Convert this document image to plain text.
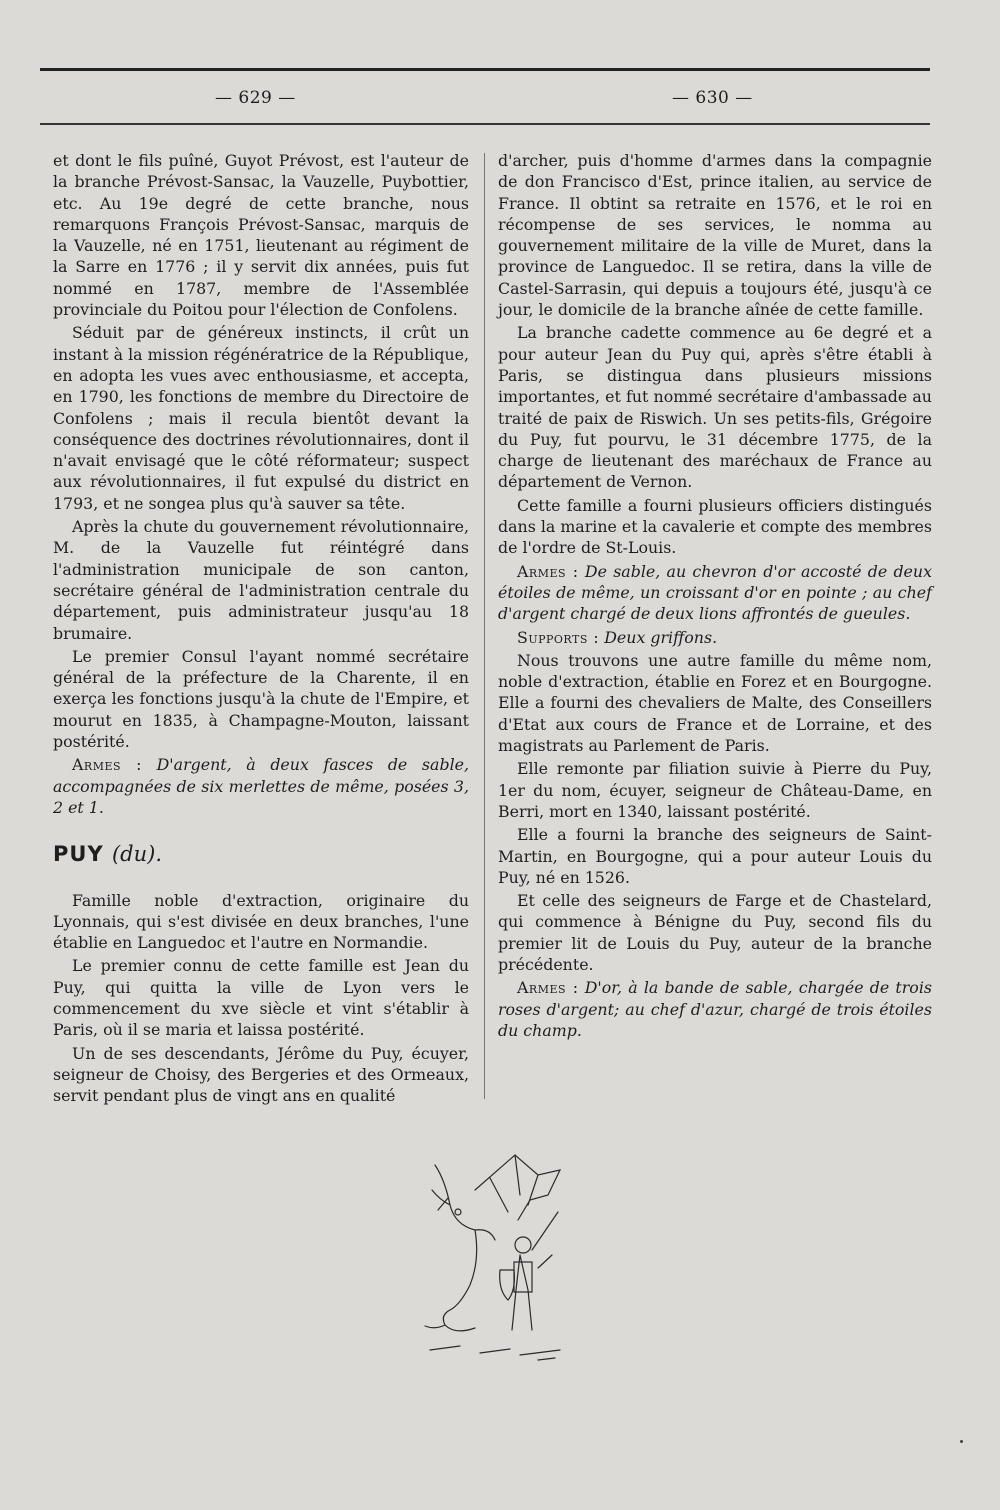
— 629 —	— 630 —

et dont le fils puîné, Guyot Prévost, est l'auteur de la branche Prévost-Sansac, la Vauzelle, Puybottier, etc. Au 19e degré de cette branche, nous remarquons François Prévost-Sansac, marquis de la Vauzelle, né en 1751, lieutenant au régiment de la Sarre en 1776 ; il y servit dix années, puis fut nommé en 1787, membre de l'Assemblée provinciale du Poitou pour l'élection de Confolens.

Séduit par de généreux instincts, il crût un instant à la mission régénératrice de la République, en adopta les vues avec enthousiasme, et accepta, en 1790, les fonctions de membre du Directoire de Confolens ; mais il recula bientôt devant la conséquence des doctrines révolutionnaires, dont il n'avait envisagé que le côté réformateur; suspect aux révolutionnaires, il fut expulsé du district en 1793, et ne songea plus qu'à sauver sa tête.

Après la chute du gouvernement révolutionnaire, M. de la Vauzelle fut réintégré dans l'administration municipale de son canton, secrétaire général de l'administration centrale du département, puis administrateur jusqu'au 18 brumaire.

Le premier Consul l'ayant nommé secrétaire général de la préfecture de la Charente, il en exerça les fonctions jusqu'à la chute de l'Empire, et mourut en 1835, à Champagne-Mouton, laissant postérité.

Armes : D'argent, à deux fasces de sable, accompagnées de six merlettes de même, posées 3, 2 et 1.

PUY (du).

Famille noble d'extraction, originaire du Lyonnais, qui s'est divisée en deux branches, l'une établie en Languedoc et l'autre en Normandie.

Le premier connu de cette famille est Jean du Puy, qui quitta la ville de Lyon vers le commencement du xve siècle et vint s'établir à Paris, où il se maria et laissa postérité.

Un de ses descendants, Jérôme du Puy, écuyer, seigneur de Choisy, des Bergeries et des Ormeaux, servit pendant plus de vingt ans en qualité

d'archer, puis d'homme d'armes dans la compagnie de don Francisco d'Est, prince italien, au service de France. Il obtint sa retraite en 1576, et le roi en récompense de ses services, le nomma au gouvernement militaire de la ville de Muret, dans la province de Languedoc. Il se retira, dans la ville de Castel-Sarrasin, qui depuis a toujours été, jusqu'à ce jour, le domicile de la branche aînée de cette famille.

La branche cadette commence au 6e degré et a pour auteur Jean du Puy qui, après s'être établi à Paris, se distingua dans plusieurs missions importantes, et fut nommé secrétaire d'ambassade au traité de paix de Riswich. Un ses petits-fils, Grégoire du Puy, fut pourvu, le 31 décembre 1775, de la charge de lieutenant des maréchaux de France au département de Vernon.

Cette famille a fourni plusieurs officiers distingués dans la marine et la cavalerie et compte des membres de l'ordre de St-Louis.

Armes : De sable, au chevron d'or accosté de deux étoiles de même, un croissant d'or en pointe ; au chef d'argent chargé de deux lions affrontés de gueules.

Supports : Deux griffons.

Nous trouvons une autre famille du même nom, noble d'extraction, établie en Forez et en Bourgogne. Elle a fourni des chevaliers de Malte, des Conseillers d'Etat aux cours de France et de Lorraine, et des magistrats au Parlement de Paris.

Elle remonte par filiation suivie à Pierre du Puy, 1er du nom, écuyer, seigneur de Château-Dame, en Berri, mort en 1340, laissant postérité.

Elle a fourni la branche des seigneurs de Saint-Martin, en Bourgogne, qui a pour auteur Louis du Puy, né en 1526.

Et celle des seigneurs de Farge et de Chastelard, qui commence à Bénigne du Puy, second fils du premier lit de Louis du Puy, auteur de la branche précédente.

Armes : D'or, à la bande de sable, chargée de trois roses d'argent; au chef d'azur, chargé de trois étoiles du champ.
